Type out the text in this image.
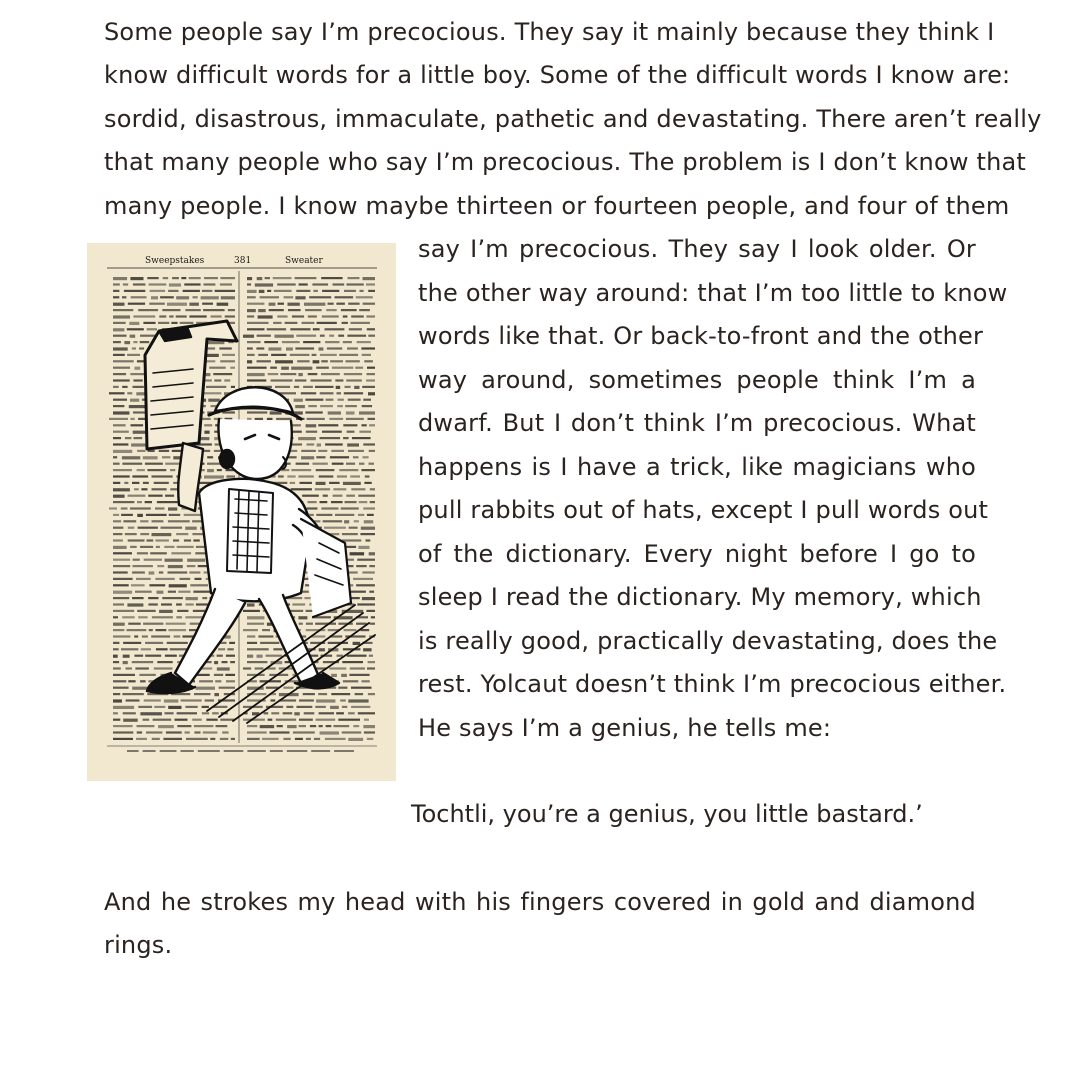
Some people say I’m precocious. They say it mainly because they think I
know difficult words for a little boy. Some of the difficult words I know are:
sordid, disastrous, immaculate, pathetic and devastating. There aren’t really
that many people who say I’m precocious. The problem is I don’t know that
many people. I know maybe thirteen or fourteen people, and four of them
Sweepstakes	381	Sweater	say I’m precocious. They say I look older. Or
the other way around: that I’m too little to know
words like that. Or back-to-front and the other
way around, sometimes people think I’m a
dwarf. But I don’t think I’m precocious. What
happens is I have a trick, like magicians who
pull rabbits out of hats, except I pull words out
of the dictionary. Every night before I go to
sleep I read the dictionary. My memory, which
is really good, practically devastating, does the
rest. Yolcaut doesn’t think I’m precocious either.
He says I’m a genius, he tells me:
Tochtli, you’re a genius, you little bastard.’
And he strokes my head with his fingers covered in gold and diamond
rings.
